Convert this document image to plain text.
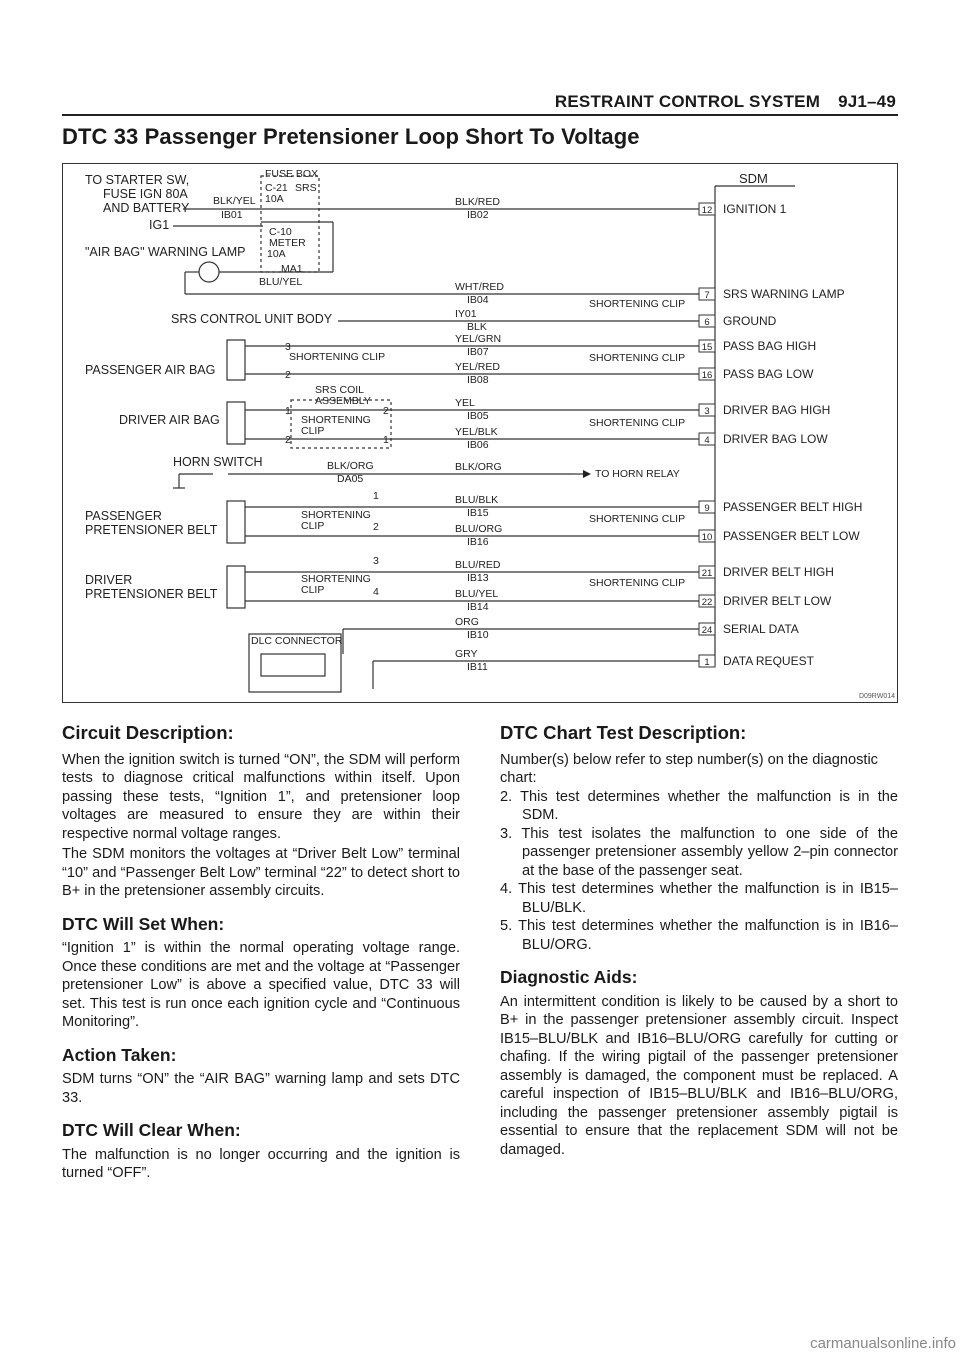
RESTRAINT CONTROL SYSTEM 9J1–49
DTC 33 Passenger Pretensioner Loop Short To Voltage
TO STARTER SW,
FUSE IGN 80A
AND BATTERY
IG1
"AIR BAG" WARNING LAMP
SRS CONTROL UNIT BODY
PASSENGER AIR BAG
DRIVER AIR BAG
HORN SWITCH
PASSENGER
PRETENSIONER BELT
DRIVER
PRETENSIONER BELT
DLC CONNECTOR
FUSE BOX
C-21 SRS
10A
C-10
METER
10A
BLK/YEL
IB01
MA1
BLU/YEL
SRS COIL
ASSEMBLY
BLK/ORG
DA05
SHORTENING CLIP
SHORTENING
CLIP
SHORTENING
CLIP
SHORTENING
CLIP
1
2
3
4
3
2
1
2
2
1
BLK/RED
IB02
WHT/RED
IB04
IY01
BLK
YEL/GRN
IB07
YEL/RED
IB08
YEL
IB05
YEL/BLK
IB06
BLK/ORG
BLU/BLK
IB15
BLU/ORG
IB16
BLU/RED
IB13
BLU/YEL
IB14
ORG
IB10
GRY
IB11
SHORTENING CLIP
SHORTENING CLIP
SHORTENING CLIP
SHORTENING CLIP
SHORTENING CLIP
TO HORN RELAY
SDM
12 IGNITION 1
7 SRS WARNING LAMP
6 GROUND
15 PASS BAG HIGH
16 PASS BAG LOW
3 DRIVER BAG HIGH
4 DRIVER BAG LOW
9 PASSENGER BELT HIGH
10 PASSENGER BELT LOW
21 DRIVER BELT HIGH
22 DRIVER BELT LOW
24 SERIAL DATA
1 DATA REQUEST
D09RW014
Circuit Description:

When the ignition switch is turned “ON”, the SDM will perform tests to diagnose critical malfunctions within itself. Upon passing these tests, “Ignition 1”, and pretensioner loop voltages are measured to ensure they are within their respective normal voltage ranges.

The SDM monitors the voltages at “Driver Belt Low” terminal “10” and “Passenger Belt Low” terminal “22” to detect short to B+ in the pretensioner assembly circuits.

DTC Will Set When:

“Ignition 1” is within the normal operating voltage range. Once these conditions are met and the voltage at “Passenger pretensioner Low” is above a specified value, DTC 33 will set. This test is run once each ignition cycle and “Continuous Monitoring”.

Action Taken:

SDM turns “ON” the “AIR BAG” warning lamp and sets DTC 33.

DTC Will Clear When:

The malfunction is no longer occurring and the ignition is turned “OFF”.

DTC Chart Test Description:

Number(s) below refer to step number(s) on the diagnostic chart:

2. This test determines whether the malfunction is in the SDM.

3. This test isolates the malfunction to one side of the passenger pretensioner assembly yellow 2–pin connector at the base of the passenger seat.

4. This test determines whether the malfunction is in IB15–BLU/BLK.

5. This test determines whether the malfunction is in IB16–BLU/ORG.

Diagnostic Aids:

An intermittent condition is likely to be caused by a short to B+ in the passenger pretensioner assembly circuit. Inspect IB15–BLU/BLK and IB16–BLU/ORG carefully for cutting or chafing. If the wiring pigtail of the passenger pretensioner assembly is damaged, the component must be replaced. A careful inspection of IB15–BLU/BLK and IB16–BLU/ORG, including the passenger pretensioner assembly pigtail is essential to ensure that the replacement SDM will not be damaged.

carmanualsonline.info
